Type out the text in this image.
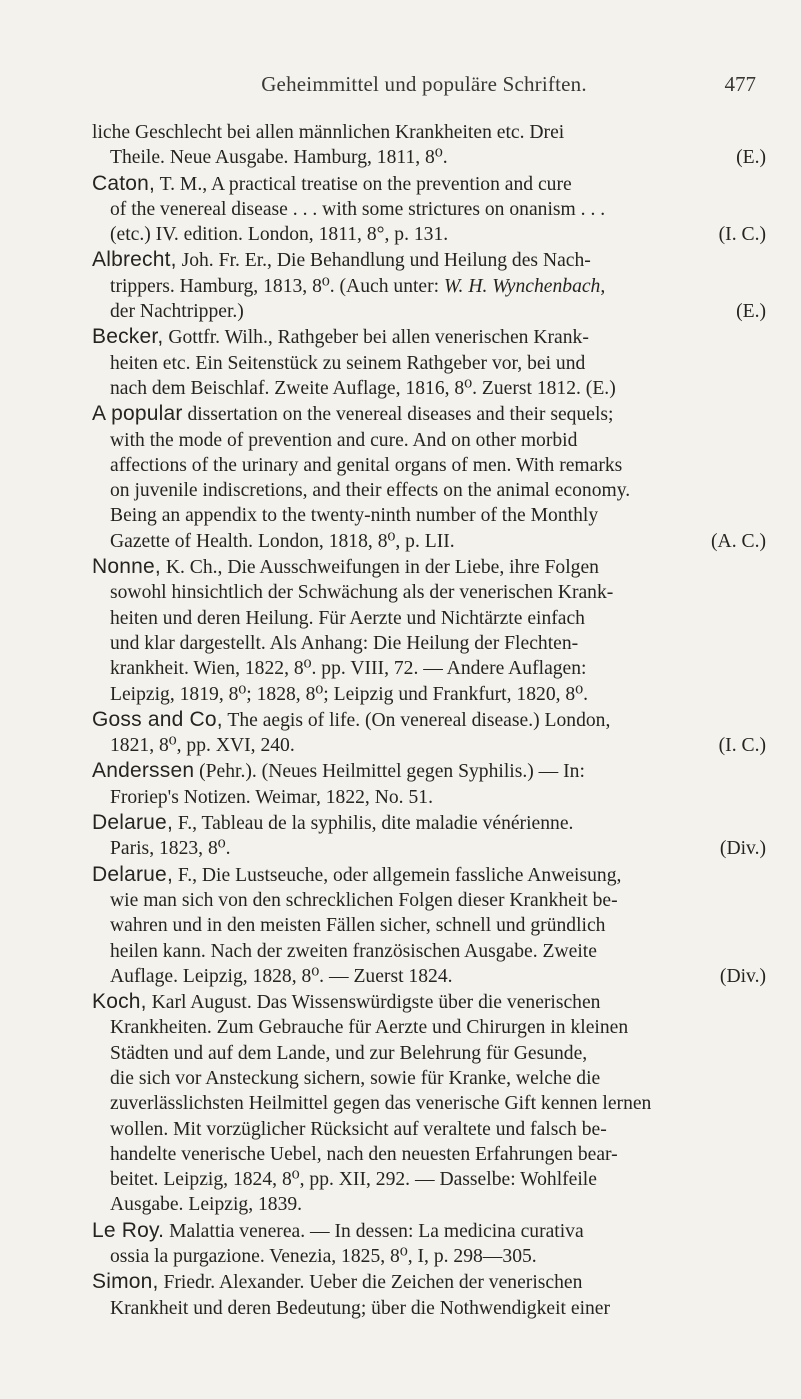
Geheimmittel und populäre Schriften.	477
liche Geschlecht bei allen männlichen Krankheiten etc. Drei
Theile. Neue Ausgabe. Hamburg, 1811, 8⁰.	(E.)
Caton, T. M., A practical treatise on the prevention and cure
of the venereal disease . . . with some strictures on onanism . . .
(etc.) IV. edition. London, 1811, 8°, p. 131.	(I. C.)
Albrecht, Joh. Fr. Er., Die Behandlung und Heilung des Nach-
trippers. Hamburg, 1813, 8⁰. (Auch unter: W. H. Wynchenbach,
der Nachtripper.)	(E.)
Becker, Gottfr. Wilh., Rathgeber bei allen venerischen Krank-
heiten etc. Ein Seitenstück zu seinem Rathgeber vor, bei und
nach dem Beischlaf. Zweite Auflage, 1816, 8⁰. Zuerst 1812. (E.)
A popular dissertation on the venereal diseases and their sequels;
with the mode of prevention and cure. And on other morbid
affections of the urinary and genital organs of men. With remarks
on juvenile indiscretions, and their effects on the animal economy.
Being an appendix to the twenty-ninth number of the Monthly
Gazette of Health. London, 1818, 8⁰, p. LII.	(A. C.)
Nonne, K. Ch., Die Ausschweifungen in der Liebe, ihre Folgen
sowohl hinsichtlich der Schwächung als der venerischen Krank-
heiten und deren Heilung. Für Aerzte und Nichtärzte einfach
und klar dargestellt. Als Anhang: Die Heilung der Flechten-
krankheit. Wien, 1822, 8⁰. pp. VIII, 72. — Andere Auflagen:
Leipzig, 1819, 8⁰; 1828, 8⁰; Leipzig und Frankfurt, 1820, 8⁰.
Goss and Co, The aegis of life. (On venereal disease.) London,
1821, 8⁰, pp. XVI, 240.	(I. C.)
Anderssen (Pehr.). (Neues Heilmittel gegen Syphilis.) — In:
Froriep's Notizen. Weimar, 1822, No. 51.
Delarue, F., Tableau de la syphilis, dite maladie vénérienne.
Paris, 1823, 8⁰.	(Div.)
Delarue, F., Die Lustseuche, oder allgemein fassliche Anweisung,
wie man sich von den schrecklichen Folgen dieser Krankheit be-
wahren und in den meisten Fällen sicher, schnell und gründlich
heilen kann. Nach der zweiten französischen Ausgabe. Zweite
Auflage. Leipzig, 1828, 8⁰. — Zuerst 1824.	(Div.)
Koch, Karl August. Das Wissenswürdigste über die venerischen
Krankheiten. Zum Gebrauche für Aerzte und Chirurgen in kleinen
Städten und auf dem Lande, und zur Belehrung für Gesunde,
die sich vor Ansteckung sichern, sowie für Kranke, welche die
zuverlässlichsten Heilmittel gegen das venerische Gift kennen lernen
wollen. Mit vorzüglicher Rücksicht auf veraltete und falsch be-
handelte venerische Uebel, nach den neuesten Erfahrungen bear-
beitet. Leipzig, 1824, 8⁰, pp. XII, 292. — Dasselbe: Wohlfeile
Ausgabe. Leipzig, 1839.
Le Roy. Malattia venerea. — In dessen: La medicina curativa
ossia la purgazione. Venezia, 1825, 8⁰, I, p. 298—305.
Simon, Friedr. Alexander. Ueber die Zeichen der venerischen
Krankheit und deren Bedeutung; über die Nothwendigkeit einer
